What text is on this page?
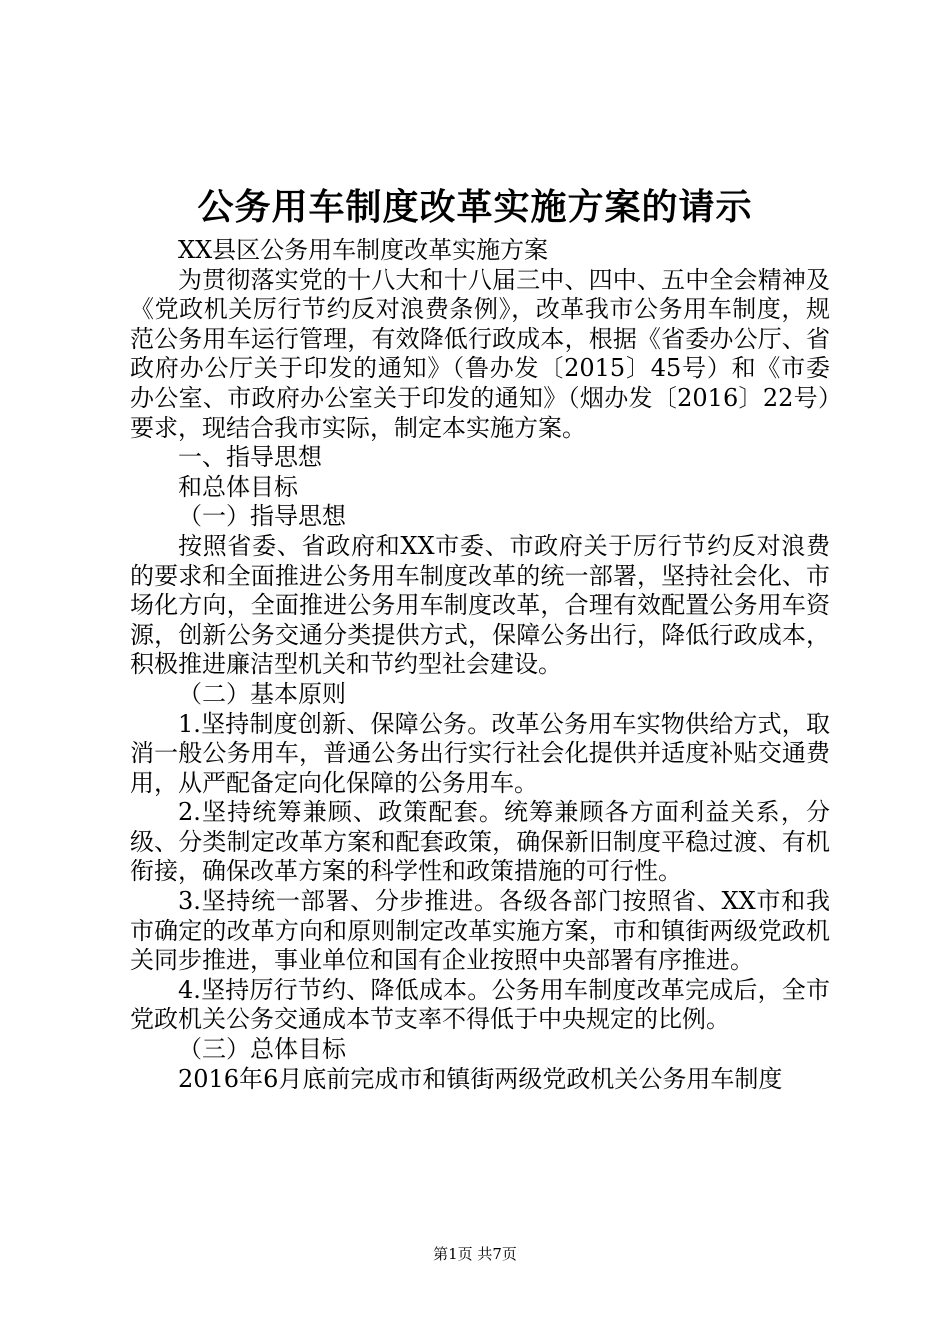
公务用车制度改革实施方案的请示

XX县区公务用车制度改革实施方案

为贯彻落实党的十八大和十八届三中、四中、五中全会精神及《党政机关厉行节约反对浪费条例》，改革我市公务用车制度，规范公务用车运行管理，有效降低行政成本，根据《省委办公厅、省政府办公厅关于印发的通知》（鲁办发〔2015〕45号）和《市委办公室、市政府办公室关于印发的通知》（烟办发〔2016〕22号）要求，现结合我市实际，制定本实施方案。

一、指导思想

和总体目标

（一）指导思想

按照省委、省政府和XX市委、市政府关于厉行节约反对浪费的要求和全面推进公务用车制度改革的统一部署，坚持社会化、市场化方向，全面推进公务用车制度改革，合理有效配置公务用车资源，创新公务交通分类提供方式，保障公务出行，降低行政成本，积极推进廉洁型机关和节约型社会建设。

（二）基本原则

1.坚持制度创新、保障公务。改革公务用车实物供给方式，取消一般公务用车，普通公务出行实行社会化提供并适度补贴交通费用，从严配备定向化保障的公务用车。

2.坚持统筹兼顾、政策配套。统筹兼顾各方面利益关系，分级、分类制定改革方案和配套政策，确保新旧制度平稳过渡、有机衔接，确保改革方案的科学性和政策措施的可行性。

3.坚持统一部署、分步推进。各级各部门按照省、XX市和我市确定的改革方向和原则制定改革实施方案，市和镇街两级党政机关同步推进，事业单位和国有企业按照中央部署有序推进。

4.坚持厉行节约、降低成本。公务用车制度改革完成后，全市党政机关公务交通成本节支率不得低于中央规定的比例。

（三）总体目标

2016年6月底前完成市和镇街两级党政机关公务用车制度

第1页 共7页
